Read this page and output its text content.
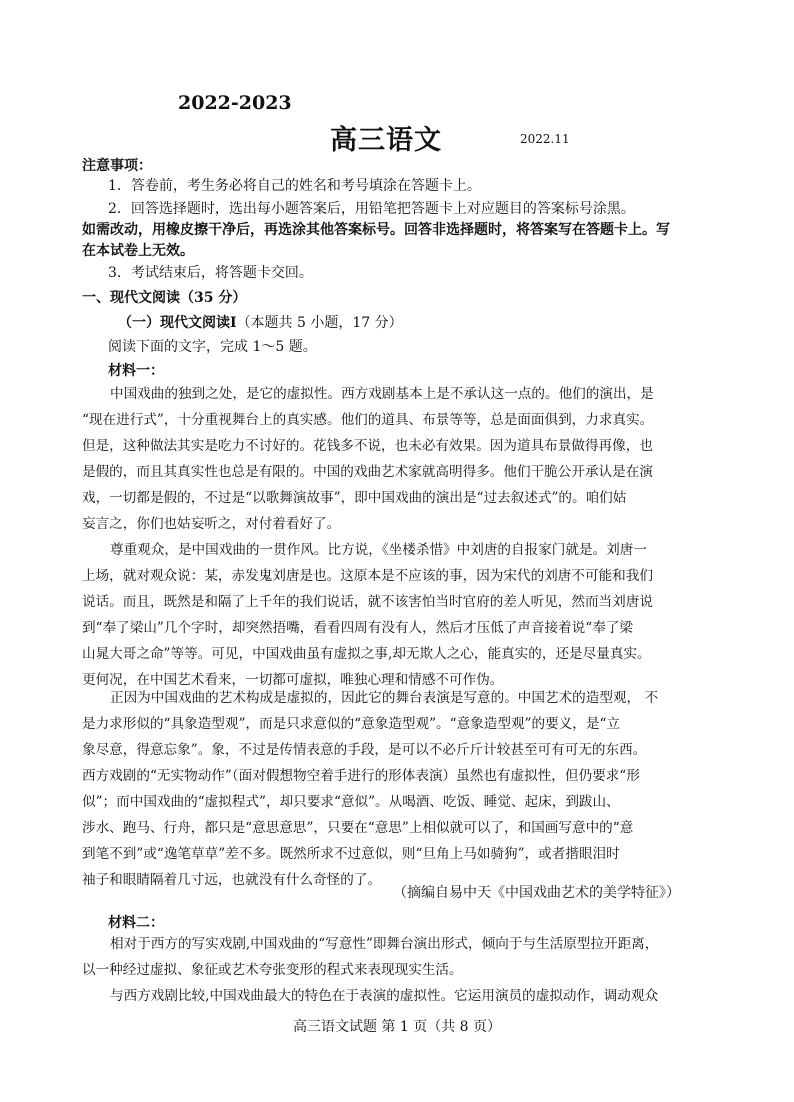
2022-2023
高三语文	2022.11
注意事项：
1．答卷前，考生务必将自己的姓名和考号填涂在答题卡上。
2．回答选择题时，选出每小题答案后，用铅笔把答题卡上对应题目的答案标号涂黑。
如需改动，用橡皮擦干净后，再选涂其他答案标号。回答非选择题时，将答案写在答题卡上。写
在本试卷上无效。
3．考试结束后，将答题卡交回。
一、现代文阅读（35 分）
（一）现代文阅读Ⅰ（本题共 5 小题，17 分）
阅读下面的文字，完成 1～5 题。
材料一：
中国戏曲的独到之处，是它的虚拟性。西方戏剧基本上是不承认这一点的。他们的演出，是
“现在进行式”，十分重视舞台上的真实感。他们的道具、布景等等，总是面面俱到，力求真实。
但是，这种做法其实是吃力不讨好的。花钱多不说，也未必有效果。因为道具布景做得再像，也
是假的，而且其真实性也总是有限的。中国的戏曲艺术家就高明得多。他们干脆公开承认是在演
戏，一切都是假的，不过是“以歌舞演故事”，即中国戏曲的演出是“过去叙述式”的。咱们姑
妄言之，你们也姑妄听之，对付着看好了。
尊重观众，是中国戏曲的一贯作风。比方说，《坐楼杀惜》中刘唐的自报家门就是。刘唐一
上场，就对观众说：某，赤发鬼刘唐是也。这原本是不应该的事，因为宋代的刘唐不可能和我们
说话。而且，既然是和隔了上千年的我们说话，就不该害怕当时官府的差人听见，然而当刘唐说
到“奉了梁山”几个字时，却突然捂嘴，看看四周有没有人，然后才压低了声音接着说“奉了梁
山晁大哥之命”等等。可见，中国戏曲虽有虚拟之事,却无欺人之心，能真实的，还是尽量真实。
更何况，在中国艺术看来，一切都可虚拟，唯独心理和情感不可作伪。
正因为中国戏曲的艺术构成是虚拟的，因此它的舞台表演是写意的。中国艺术的造型观， 不
是力求形似的“具象造型观”，而是只求意似的“意象造型观”。“意象造型观”的要义，是“立
象尽意，得意忘象”。象，不过是传情表意的手段，是可以不必斤斤计较甚至可有可无的东西。
西方戏剧的“无实物动作”（面对假想物空着手进行的形体表演）虽然也有虚拟性，但仍要求“形
似”；而中国戏曲的“虚拟程式”，却只要求“意似”。从喝酒、吃饭、睡觉、起床，到跋山、
涉水、跑马、行舟，都只是“意思意思”，只要在“意思”上相似就可以了，和国画写意中的“意
到笔不到”或“逸笔草草”差不多。既然所求不过意似，则“旦角上马如骑狗”，或者揩眼泪时
袖子和眼睛隔着几寸远，也就没有什么奇怪的了。
（摘编自易中天《中国戏曲艺术的美学特征》）
材料二：
相对于西方的写实戏剧,中国戏曲的“写意性”即舞台演出形式，倾向于与生活原型拉开距离，
以一种经过虚拟、象征或艺术夸张变形的程式来表现现实生活。
与西方戏剧比较,中国戏曲最大的特色在于表演的虚拟性。它运用演员的虚拟动作，调动观众
高三语文试题 第 1 页（共 8 页）
